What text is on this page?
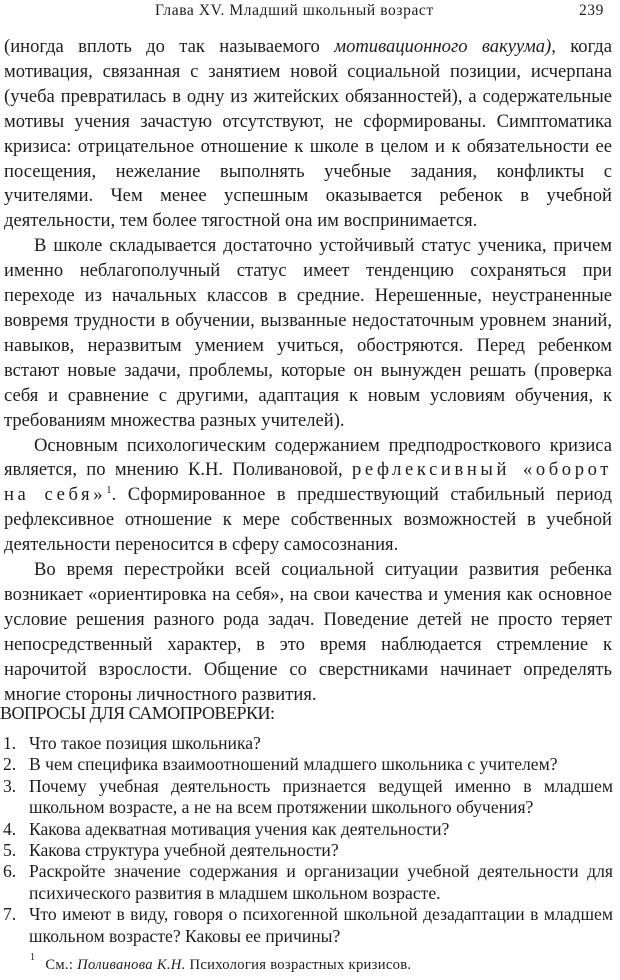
Глава XV. Младший школьный возраст	239

(иногда вплоть до так называемого мотивационного вакуума), когда мотивация, связанная с занятием новой социальной позиции, исчерпана (учеба превратилась в одну из житейских обязанностей), а содержательные мотивы учения зачастую отсутствуют, не сформированы. Симптоматика кризиса: отрицательное отношение к школе в целом и к обязательности ее посещения, нежелание выполнять учебные задания, конфликты с учителями. Чем менее успешным оказывается ребенок в учебной деятельности, тем более тягостной она им воспринимается.

В школе складывается достаточно устойчивый статус ученика, причем именно неблагополучный статус имеет тенденцию сохраняться при переходе из начальных классов в средние. Нерешенные, неустраненные вовремя трудности в обучении, вызванные недостаточным уровнем знаний, навыков, неразвитым умением учиться, обостряются. Перед ребенком встают новые задачи, проблемы, которые он вынужден решать (проверка себя и сравнение с другими, адаптация к новым условиям обучения, к требованиям множества разных учителей).

Основным психологическим содержанием предподросткового кризиса является, по мнению К.Н. Поливановой, рефлексивный «оборот на себя»$^1$. Сформированное в предшествующий стабильный период рефлексивное отношение к мере собственных возможностей в учебной деятельности переносится в сферу самосознания.

Во время перестройки всей социальной ситуации развития ребенка возникает «ориентировка на себя», на свои качества и умения как основное условие решения разного рода задач. Поведение детей не просто теряет непосредственный характер, в это время наблюдается стремление к нарочитой взрослости. Общение со сверстниками начинает определять многие стороны личностного развития.

ВОПРОСЫ ДЛЯ САМОПРОВЕРКИ:
1. Что такое позиция школьника?
2. В чем специфика взаимоотношений младшего школьника с учителем?
3. Почему учебная деятельность признается ведущей именно в младшем школьном возрасте, а не на всем протяжении школьного обучения?
4. Какова адекватная мотивация учения как деятельности?
5. Какова структура учебной деятельности?
6. Раскройте значение содержания и организации учебной деятельности для психического развития в младшем школьном возрасте.
7. Что имеют в виду, говоря о психогенной школьной дезадаптации в младшем школьном возрасте? Каковы ее причины?
$^1$ См.: Поливанова К.Н. Психология возрастных кризисов.
